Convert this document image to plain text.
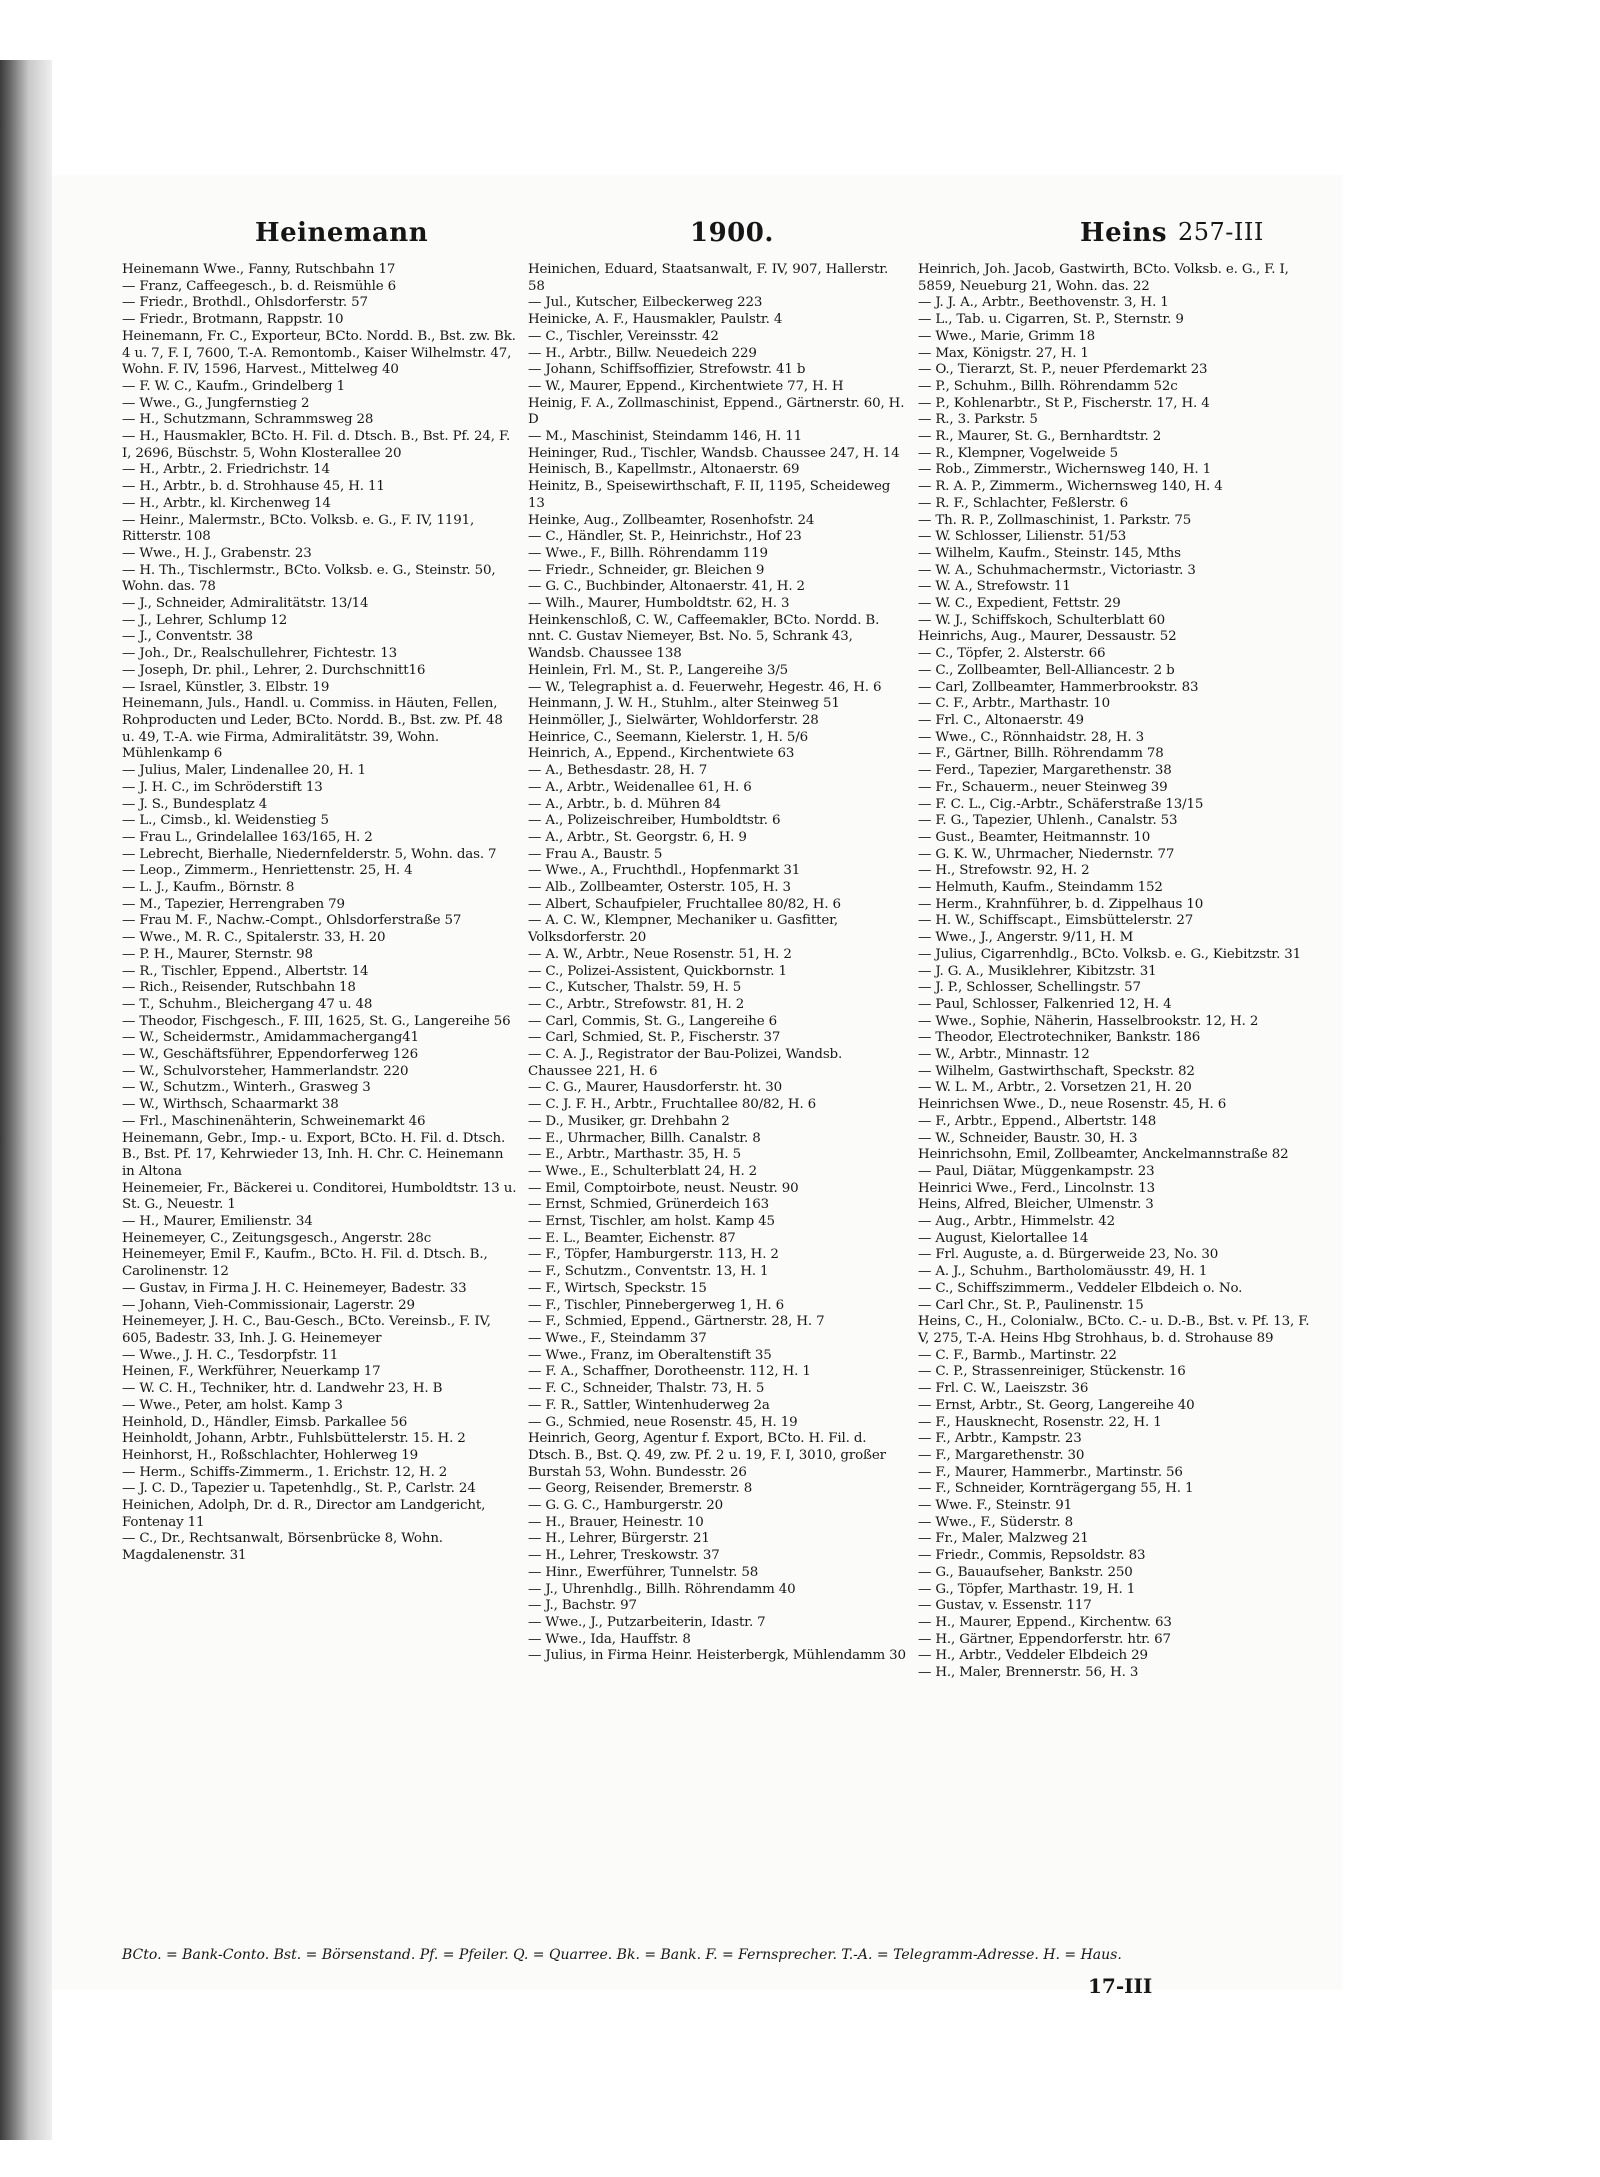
Heinemann	1900.	Heins 257-III
Heinemann Wwe., Fanny, Rutschbahn 17
— Franz, Caffeegesch., b. d. Reismühle 6
— Friedr., Brothdl., Ohlsdorferstr. 57
— Friedr., Brotmann, Rappstr. 10
Heinemann, Fr. C., Exporteur, BCto. Nordd. B., Bst. zw. Bk. 4 u. 7, F. I, 7600, T.-A. Remontomb., Kaiser Wilhelmstr. 47, Wohn. F. IV, 1596, Harvest., Mittelweg 40
— F. W. C., Kaufm., Grindelberg 1
— Wwe., G., Jungfernstieg 2
— H., Schutzmann, Schrammsweg 28
— H., Hausmakler, BCto. H. Fil. d. Dtsch. B., Bst. Pf. 24, F. I, 2696, Büschstr. 5, Wohn Klosterallee 20
— H., Arbtr., 2. Friedrichstr. 14
— H., Arbtr., b. d. Strohhause 45, H. 11
— H., Arbtr., kl. Kirchenweg 14
— Heinr., Malermstr., BCto. Volksb. e. G., F. IV, 1191, Ritterstr. 108
— Wwe., H. J., Grabenstr. 23
— H. Th., Tischlermstr., BCto. Volksb. e. G., Steinstr. 50, Wohn. das. 78
— J., Schneider, Admiralitätstr. 13/14
— J., Lehrer, Schlump 12
— J., Conventstr. 38
— Joh., Dr., Realschullehrer, Fichtestr. 13
— Joseph, Dr. phil., Lehrer, 2. Durchschnitt16
— Israel, Künstler, 3. Elbstr. 19
Heinemann, Juls., Handl. u. Commiss. in Häuten, Fellen, Rohproducten und Leder, BCto. Nordd. B., Bst. zw. Pf. 48 u. 49, T.-A. wie Firma, Admiralitätstr. 39, Wohn. Mühlenkamp 6
— Julius, Maler, Lindenallee 20, H. 1
— J. H. C., im Schröderstift 13
— J. S., Bundesplatz 4
— L., Cimsb., kl. Weidenstieg 5
— Frau L., Grindelallee 163/165, H. 2
— Lebrecht, Bierhalle, Niedernfelderstr. 5, Wohn. das. 7
— Leop., Zimmerm., Henriettenstr. 25, H. 4
— L. J., Kaufm., Börnstr. 8
— M., Tapezier, Herrengraben 79
— Frau M. F., Nachw.-Compt., Ohlsdorferstraße 57
— Wwe., M. R. C., Spitalerstr. 33, H. 20
— P. H., Maurer, Sternstr. 98
— R., Tischler, Eppend., Albertstr. 14
— Rich., Reisender, Rutschbahn 18
— T., Schuhm., Bleichergang 47 u. 48
— Theodor, Fischgesch., F. III, 1625, St. G., Langereihe 56
— W., Scheidermstr., Amidammachergang41
— W., Geschäftsführer, Eppendorferweg 126
— W., Schulvorsteher, Hammerlandstr. 220
— W., Schutzm., Winterh., Grasweg 3
— W., Wirthsch, Schaarmarkt 38
— Frl., Maschinenähterin, Schweinemarkt 46
Heinemann, Gebr., Imp.- u. Export, BCto. H. Fil. d. Dtsch. B., Bst. Pf. 17, Kehrwieder 13, Inh. H. Chr. C. Heinemann in Altona
Heinemeier, Fr., Bäckerei u. Conditorei, Humboldtstr. 13 u. St. G., Neuestr. 1
— H., Maurer, Emilienstr. 34
Heinemeyer, C., Zeitungsgesch., Angerstr. 28c
Heinemeyer, Emil F., Kaufm., BCto. H. Fil. d. Dtsch. B., Carolinenstr. 12
— Gustav, in Firma J. H. C. Heinemeyer, Badestr. 33
— Johann, Vieh-Commissionair, Lagerstr. 29
Heinemeyer, J. H. C., Bau-Gesch., BCto. Vereinsb., F. IV, 605, Badestr. 33, Inh. J. G. Heinemeyer
— Wwe., J. H. C., Tesdorpfstr. 11
Heinen, F., Werkführer, Neuerkamp 17
— W. C. H., Techniker, htr. d. Landwehr 23, H. B
— Wwe., Peter, am holst. Kamp 3
Heinhold, D., Händler, Eimsb. Parkallee 56
Heinholdt, Johann, Arbtr., Fuhlsbüttelerstr. 15. H. 2
Heinhorst, H., Roßschlachter, Hohlerweg 19
— Herm., Schiffs-Zimmerm., 1. Erichstr. 12, H. 2
— J. C. D., Tapezier u. Tapetenhdlg., St. P., Carlstr. 24
Heinichen, Adolph, Dr. d. R., Director am Landgericht, Fontenay 11
— C., Dr., Rechtsanwalt, Börsenbrücke 8, Wohn. Magdalenenstr. 31
Heinichen, Eduard, Staatsanwalt, F. IV, 907, Hallerstr. 58
— Jul., Kutscher, Eilbeckerweg 223
Heinicke, A. F., Hausmakler, Paulstr. 4
— C., Tischler, Vereinsstr. 42
— H., Arbtr., Billw. Neuedeich 229
— Johann, Schiffsoffizier, Strefowstr. 41 b
— W., Maurer, Eppend., Kirchentwiete 77, H. H
Heinig, F. A., Zollmaschinist, Eppend., Gärtnerstr. 60, H. D
— M., Maschinist, Steindamm 146, H. 11
Heininger, Rud., Tischler, Wandsb. Chaussee 247, H. 14
Heinisch, B., Kapellmstr., Altonaerstr. 69
Heinitz, B., Speisewirthschaft, F. II, 1195, Scheideweg 13
Heinke, Aug., Zollbeamter, Rosenhofstr. 24
— C., Händler, St. P., Heinrichstr., Hof 23
— Wwe., F., Billh. Röhrendamm 119
— Friedr., Schneider, gr. Bleichen 9
— G. C., Buchbinder, Altonaerstr. 41, H. 2
— Wilh., Maurer, Humboldtstr. 62, H. 3
Heinkenschloß, C. W., Caffeemakler, BCto. Nordd. B. nnt. C. Gustav Niemeyer, Bst. No. 5, Schrank 43, Wandsb. Chaussee 138
Heinlein, Frl. M., St. P., Langereihe 3/5
— W., Telegraphist a. d. Feuerwehr, Hegestr. 46, H. 6
Heinmann, J. W. H., Stuhlm., alter Steinweg 51
Heinmöller, J., Sielwärter, Wohldorferstr. 28
Heinrice, C., Seemann, Kielerstr. 1, H. 5/6
Heinrich, A., Eppend., Kirchentwiete 63
— A., Bethesdastr. 28, H. 7
— A., Arbtr., Weidenallee 61, H. 6
— A., Arbtr., b. d. Mühren 84
— A., Polizeischreiber, Humboldtstr. 6
— A., Arbtr., St. Georgstr. 6, H. 9
— Frau A., Baustr. 5
— Wwe., A., Fruchthdl., Hopfenmarkt 31
— Alb., Zollbeamter, Osterstr. 105, H. 3
— Albert, Schaufpieler, Fruchtallee 80/82, H. 6
— A. C. W., Klempner, Mechaniker u. Gasfitter, Volksdorferstr. 20
— A. W., Arbtr., Neue Rosenstr. 51, H. 2
— C., Polizei-Assistent, Quickbornstr. 1
— C., Kutscher, Thalstr. 59, H. 5
— C., Arbtr., Strefowstr. 81, H. 2
— Carl, Commis, St. G., Langereihe 6
— Carl, Schmied, St. P., Fischerstr. 37
— C. A. J., Registrator der Bau-Polizei, Wandsb. Chaussee 221, H. 6
— C. G., Maurer, Hausdorferstr. ht. 30
— C. J. F. H., Arbtr., Fruchtallee 80/82, H. 6
— D., Musiker, gr. Drehbahn 2
— E., Uhrmacher, Billh. Canalstr. 8
— E., Arbtr., Marthastr. 35, H. 5
— Wwe., E., Schulterblatt 24, H. 2
— Emil, Comptoirbote, neust. Neustr. 90
— Ernst, Schmied, Grünerdeich 163
— Ernst, Tischler, am holst. Kamp 45
— E. L., Beamter, Eichenstr. 87
— F., Töpfer, Hamburgerstr. 113, H. 2
— F., Schutzm., Conventstr. 13, H. 1
— F., Wirtsch, Speckstr. 15
— F., Tischler, Pinnebergerweg 1, H. 6
— F., Schmied, Eppend., Gärtnerstr. 28, H. 7
— Wwe., F., Steindamm 37
— Wwe., Franz, im Oberaltenstift 35
— F. A., Schaffner, Dorotheenstr. 112, H. 1
— F. C., Schneider, Thalstr. 73, H. 5
— F. R., Sattler, Wintenhuderweg 2a
— G., Schmied, neue Rosenstr. 45, H. 19
Heinrich, Georg, Agentur f. Export, BCto. H. Fil. d. Dtsch. B., Bst. Q. 49, zw. Pf. 2 u. 19, F. I, 3010, großer Burstah 53, Wohn. Bundesstr. 26
— Georg, Reisender, Bremerstr. 8
— G. G. C., Hamburgerstr. 20
— H., Brauer, Heinestr. 10
— H., Lehrer, Bürgerstr. 21
— H., Lehrer, Treskowstr. 37
— Hinr., Ewerführer, Tunnelstr. 58
— J., Uhrenhdlg., Billh. Röhrendamm 40
— J., Bachstr. 97
— Wwe., J., Putzarbeiterin, Idastr. 7
— Wwe., Ida, Hauffstr. 8
— Julius, in Firma Heinr. Heisterbergk, Mühlendamm 30
Heinrich, Joh. Jacob, Gastwirth, BCto. Volksb. e. G., F. I, 5859, Neueburg 21, Wohn. das. 22
— J. J. A., Arbtr., Beethovenstr. 3, H. 1
— L., Tab. u. Cigarren, St. P., Sternstr. 9
— Wwe., Marie, Grimm 18
— Max, Königstr. 27, H. 1
— O., Tierarzt, St. P., neuer Pferdemarkt 23
— P., Schuhm., Billh. Röhrendamm 52c
— P., Kohlenarbtr., St P., Fischerstr. 17, H. 4
— R., 3. Parkstr. 5
— R., Maurer, St. G., Bernhardtstr. 2
— R., Klempner, Vogelweide 5
— Rob., Zimmerstr., Wichernsweg 140, H. 1
— R. A. P., Zimmerm., Wichernsweg 140, H. 4
— R. F., Schlachter, Feßlerstr. 6
— Th. R. P., Zollmaschinist, 1. Parkstr. 75
— W. Schlosser, Lilienstr. 51/53
— Wilhelm, Kaufm., Steinstr. 145, Mths
— W. A., Schuhmachermstr., Victoriastr. 3
— W. A., Strefowstr. 11
— W. C., Expedient, Fettstr. 29
— W. J., Schiffskoch, Schulterblatt 60
Heinrichs, Aug., Maurer, Dessaustr. 52
— C., Töpfer, 2. Alsterstr. 66
— C., Zollbeamter, Bell-Alliancestr. 2 b
— Carl, Zollbeamter, Hammerbrookstr. 83
— C. F., Arbtr., Marthastr. 10
— Frl. C., Altonaerstr. 49
— Wwe., C., Rönnhaidstr. 28, H. 3
— F., Gärtner, Billh. Röhrendamm 78
— Ferd., Tapezier, Margarethenstr. 38
— Fr., Schauerm., neuer Steinweg 39
— F. C. L., Cig.-Arbtr., Schäferstraße 13/15
— F. G., Tapezier, Uhlenh., Canalstr. 53
— Gust., Beamter, Heitmannstr. 10
— G. K. W., Uhrmacher, Niedernstr. 77
— H., Strefowstr. 92, H. 2
— Helmuth, Kaufm., Steindamm 152
— Herm., Krahnführer, b. d. Zippelhaus 10
— H. W., Schiffscapt., Eimsbüttelerstr. 27
— Wwe., J., Angerstr. 9/11, H. M
— Julius, Cigarrenhdlg., BCto. Volksb. e. G., Kiebitzstr. 31
— J. G. A., Musiklehrer, Kibitzstr. 31
— J. P., Schlosser, Schellingstr. 57
— Paul, Schlosser, Falkenried 12, H. 4
— Wwe., Sophie, Näherin, Hasselbrookstr. 12, H. 2
— Theodor, Electrotechniker, Bankstr. 186
— W., Arbtr., Minnastr. 12
— Wilhelm, Gastwirthschaft, Speckstr. 82
— W. L. M., Arbtr., 2. Vorsetzen 21, H. 20
Heinrichsen Wwe., D., neue Rosenstr. 45, H. 6
— F., Arbtr., Eppend., Albertstr. 148
— W., Schneider, Baustr. 30, H. 3
Heinrichsohn, Emil, Zollbeamter, Anckelmannstraße 82
— Paul, Diätar, Müggenkampstr. 23
Heinrici Wwe., Ferd., Lincolnstr. 13
Heins, Alfred, Bleicher, Ulmenstr. 3
— Aug., Arbtr., Himmelstr. 42
— August, Kielortallee 14
— Frl. Auguste, a. d. Bürgerweide 23, No. 30
— A. J., Schuhm., Bartholomäusstr. 49, H. 1
— C., Schiffszimmerm., Veddeler Elbdeich o. No.
— Carl Chr., St. P., Paulinenstr. 15
Heins, C., H., Colonialw., BCto. C.- u. D.-B., Bst. v. Pf. 13, F. V, 275, T.-A. Heins Hbg Strohhaus, b. d. Strohause 89
— C. F., Barmb., Martinstr. 22
— C. P., Strassenreiniger, Stückenstr. 16
— Frl. C. W., Laeiszstr. 36
— Ernst, Arbtr., St. Georg, Langereihe 40
— F., Hausknecht, Rosenstr. 22, H. 1
— F., Arbtr., Kampstr. 23
— F., Margarethenstr. 30
— F., Maurer, Hammerbr., Martinstr. 56
— F., Schneider, Kornträgergang 55, H. 1
— Wwe. F., Steinstr. 91
— Wwe., F., Süderstr. 8
— Fr., Maler, Malzweg 21
— Friedr., Commis, Repsoldstr. 83
— G., Bauaufseher, Bankstr. 250
— G., Töpfer, Marthastr. 19, H. 1
— Gustav, v. Essenstr. 117
— H., Maurer, Eppend., Kirchentw. 63
— H., Gärtner, Eppendorferstr. htr. 67
— H., Arbtr., Veddeler Elbdeich 29
— H., Maler, Brennerstr. 56, H. 3
BCto. = Bank-Conto. Bst. = Börsenstand. Pf. = Pfeiler. Q. = Quarree. Bk. = Bank. F. = Fernsprecher. T.-A. = Telegramm-Adresse. H. = Haus.
17-III
